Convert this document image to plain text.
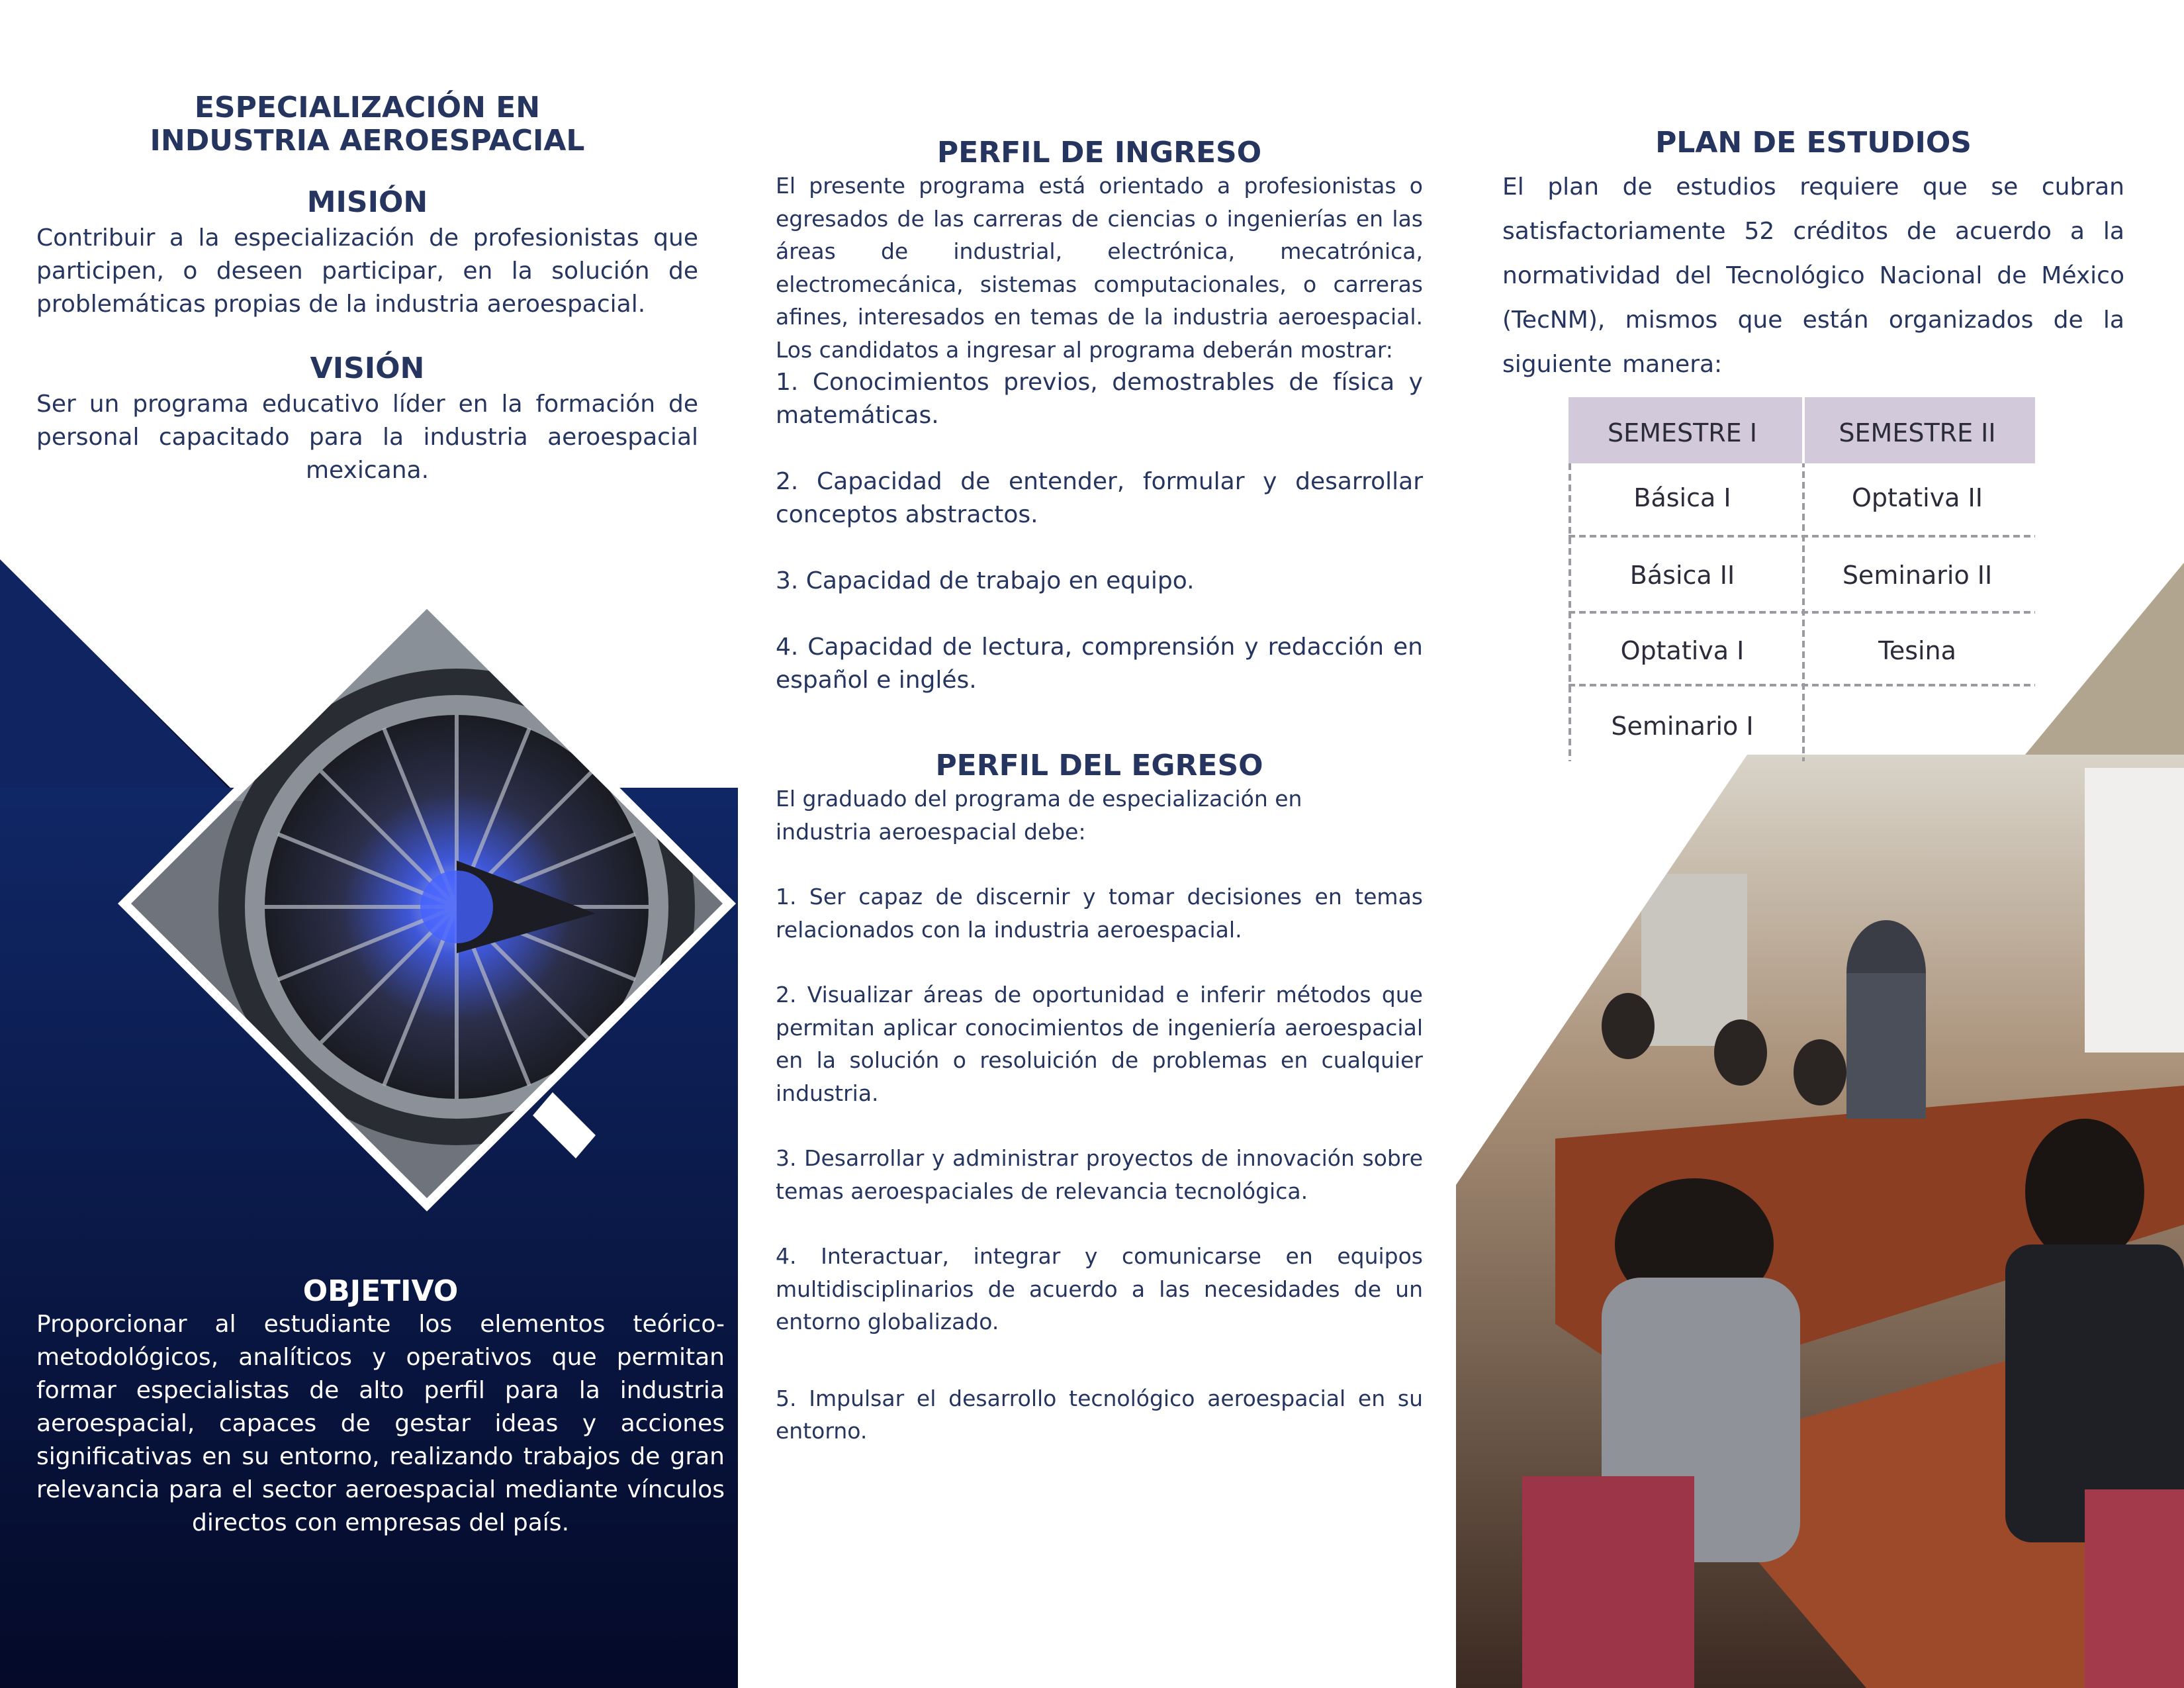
ESPECIALIZACIÓN EN
INDUSTRIA AEROESPACIAL

MISIÓN

Contribuir a la especialización de profesionistas que participen, o deseen participar, en la solución de problemáticas propias de la industria aeroespacial.

VISIÓN

Ser un programa educativo líder en la formación de personal capacitado para la industria aeroespacial mexicana.

OBJETIVO

Proporcionar al estudiante los elementos teórico-metodológicos, analíticos y operativos que permitan formar especialistas de alto perfil para la industria aeroespacial, capaces de gestar ideas y acciones significativas en su entorno, realizando trabajos de gran relevancia para el sector aeroespacial mediante vínculos directos con empresas del país.

PERFIL DE INGRESO

El presente programa está orientado a profesionistas o egresados de las carreras de ciencias o ingenierías en las áreas de industrial, electrónica, mecatrónica, electromecánica, sistemas computacionales, o carreras afines, interesados en temas de la industria aeroespacial. Los candidatos a ingresar al programa deberán mostrar:

1. Conocimientos previos, demostrables de física y matemáticas.

2. Capacidad de entender, formular y desarrollar conceptos abstractos.

3. Capacidad de trabajo en equipo.

4. Capacidad de lectura, comprensión y redacción en español e inglés.

PERFIL DEL EGRESO

El graduado del programa de especialización en industria aeroespacial debe:

1. Ser capaz de discernir y tomar decisiones en temas relacionados con la industria aeroespacial.

2. Visualizar áreas de oportunidad e inferir métodos que permitan aplicar conocimientos de ingeniería aeroespacial en la solución o resoluición de problemas en cualquier industria.

3. Desarrollar y administrar proyectos de innovación sobre temas aeroespaciales de relevancia tecnológica.

4. Interactuar, integrar y comunicarse en equipos multidisciplinarios de acuerdo a las necesidades de un entorno globalizado.

5. Impulsar el desarrollo tecnológico aeroespacial en su entorno.

PLAN DE ESTUDIOS

El plan de estudios requiere que se cubran satisfactoriamente 52 créditos de acuerdo a la normatividad del Tecnológico Nacional de México (TecNM), mismos que están organizados de la siguiente manera:

SEMESTRE I	SEMESTRE II
Básica I	Optativa II
Básica II	Seminario II
Optativa I	Tesina
Seminario I
